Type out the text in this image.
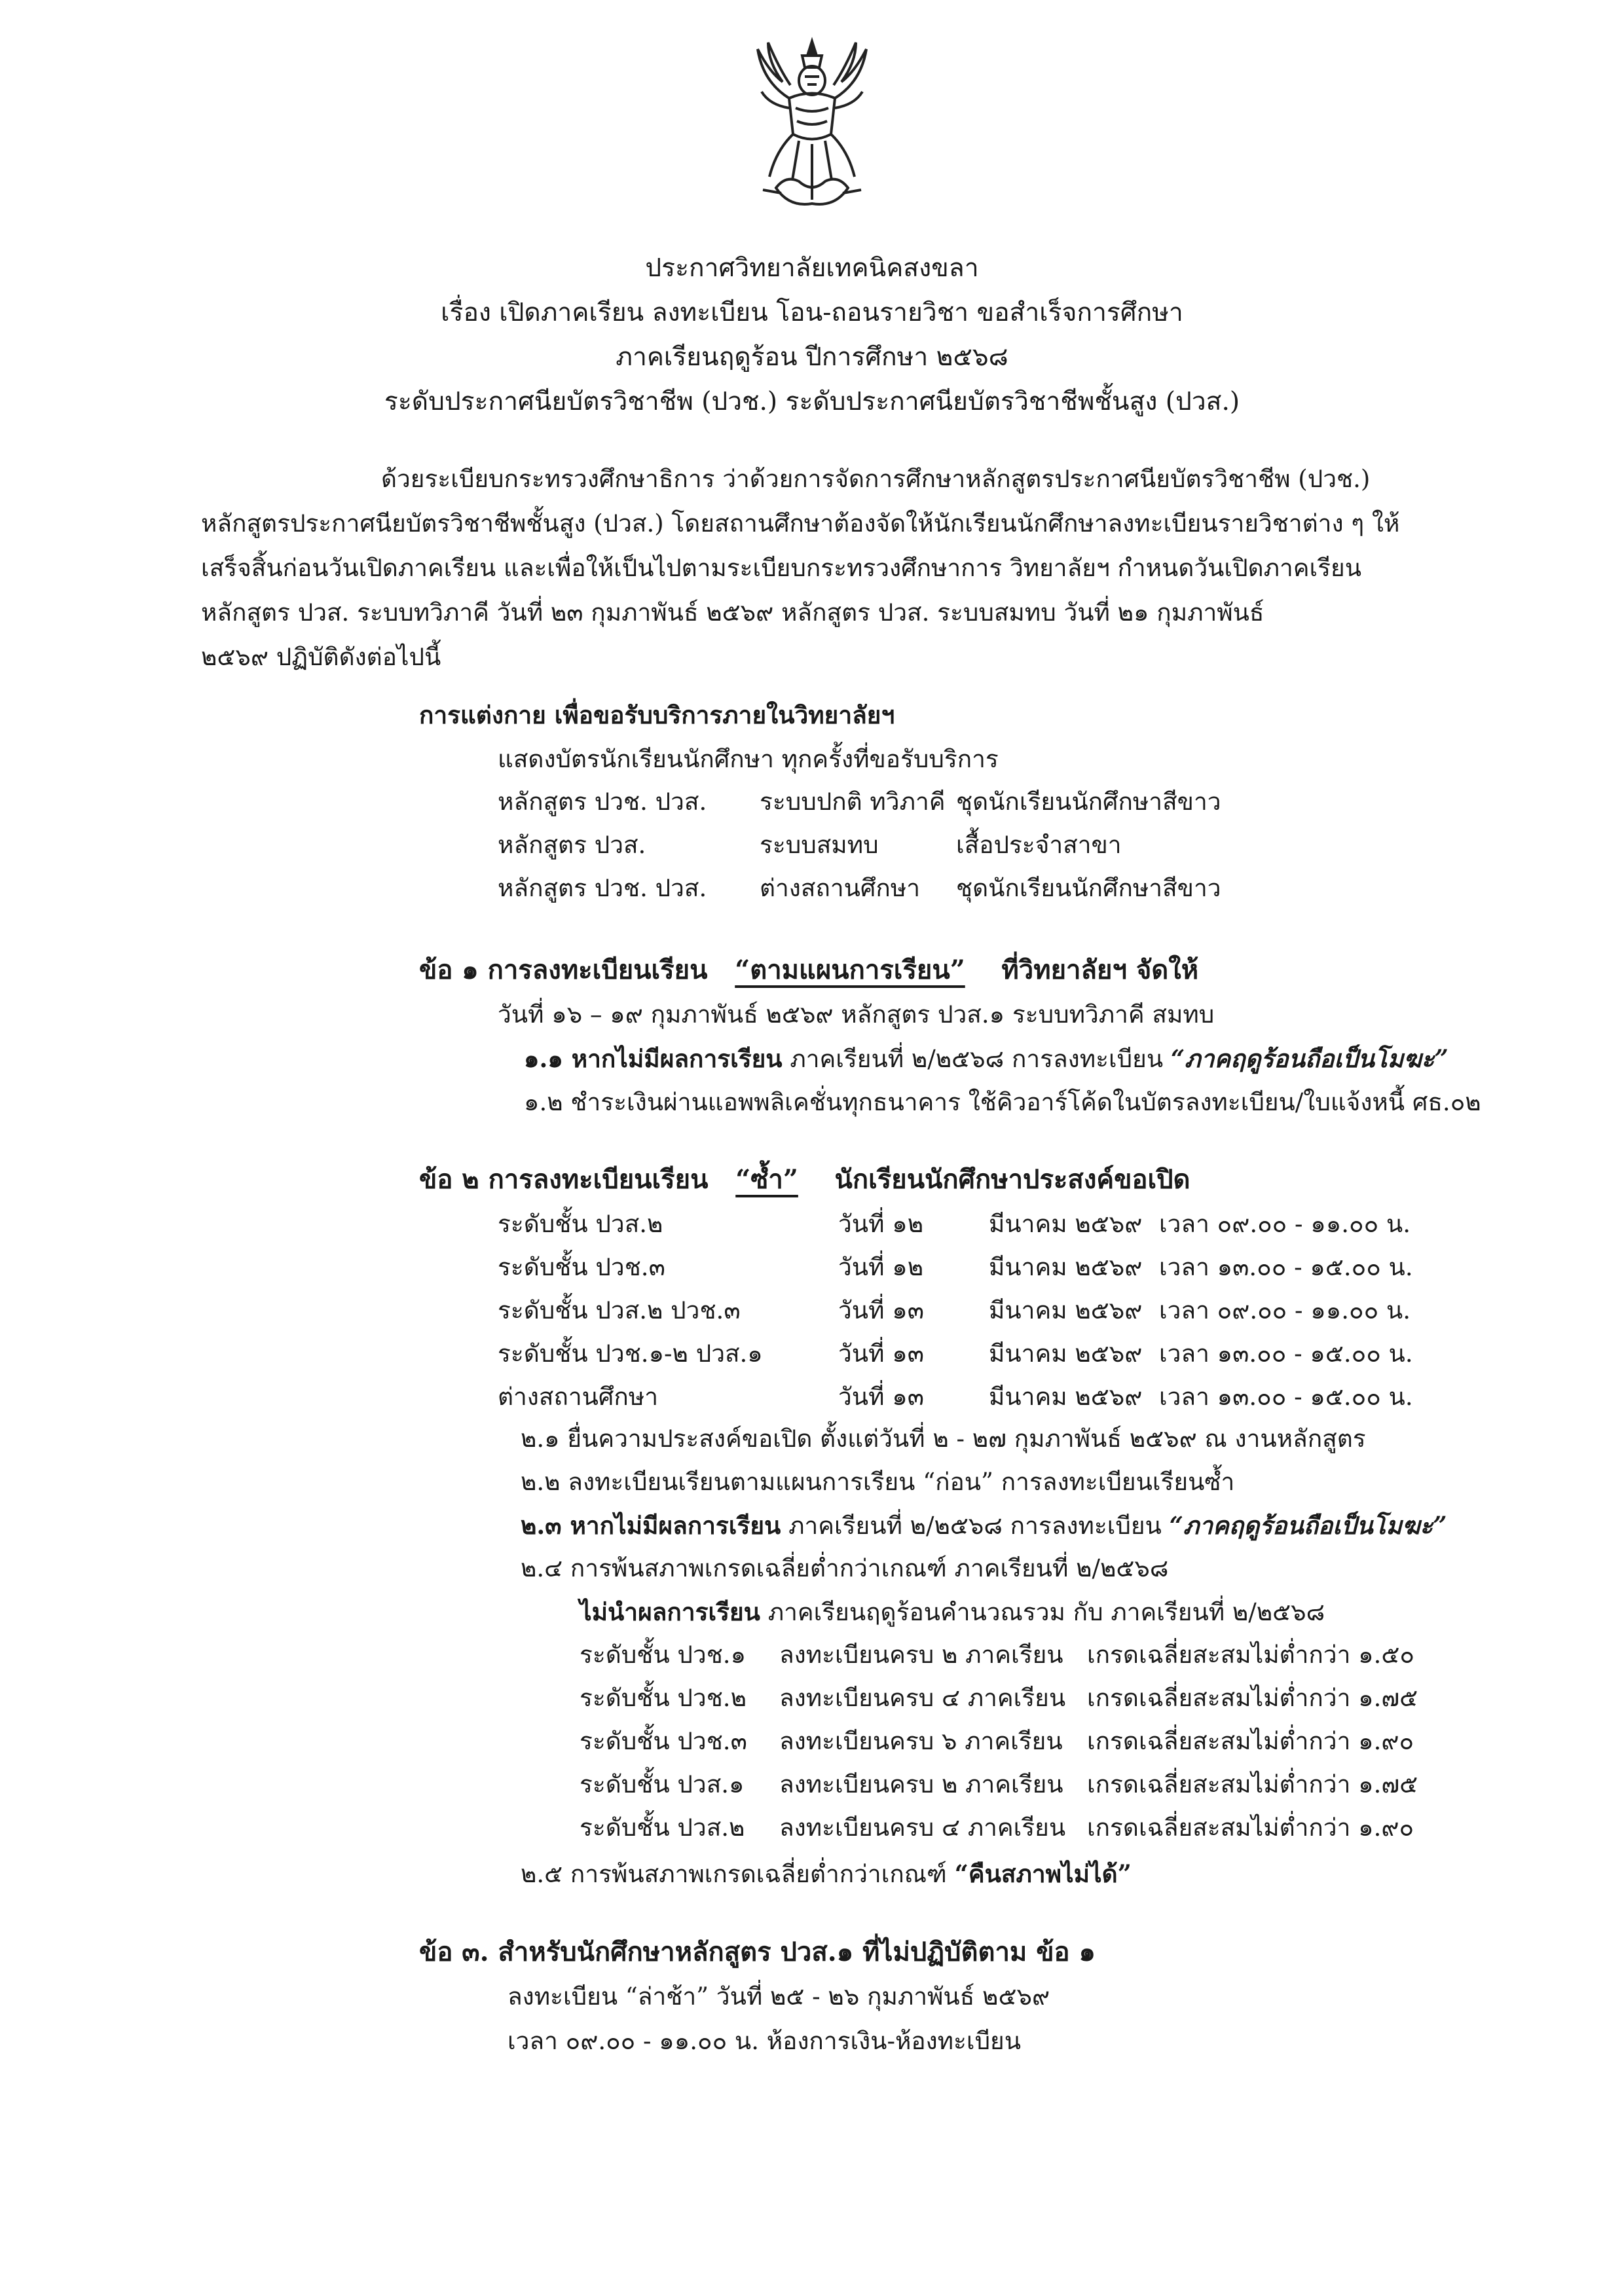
ประกาศวิทยาลัยเทคนิคสงขลา
เรื่อง เปิดภาคเรียน ลงทะเบียน โอน-ถอนรายวิชา ขอสำเร็จการศึกษา
ภาคเรียนฤดูร้อน ปีการศึกษา ๒๕๖๘
ระดับประกาศนียบัตรวิชาชีพ (ปวช.) ระดับประกาศนียบัตรวิชาชีพชั้นสูง (ปวส.)
ด้วยระเบียบกระทรวงศึกษาธิการ ว่าด้วยการจัดการศึกษาหลักสูตรประกาศนียบัตรวิชาชีพ (ปวช.)
หลักสูตรประกาศนียบัตรวิชาชีพชั้นสูง (ปวส.) โดยสถานศึกษาต้องจัดให้นักเรียนนักศึกษาลงทะเบียนรายวิชาต่าง ๆ ให้
เสร็จสิ้นก่อนวันเปิดภาคเรียน และเพื่อให้เป็นไปตามระเบียบกระทรวงศึกษาการ วิทยาลัยฯ กำหนดวันเปิดภาคเรียน
หลักสูตร ปวส. ระบบทวิภาคี วันที่ ๒๓ กุมภาพันธ์ ๒๕๖๙ หลักสูตร ปวส. ระบบสมทบ วันที่ ๒๑ กุมภาพันธ์
๒๕๖๙ ปฏิบัติดังต่อไปนี้
การแต่งกาย เพื่อขอรับบริการภายในวิทยาลัยฯ
แสดงบัตรนักเรียนนักศึกษา ทุกครั้งที่ขอรับบริการ
หลักสูตร ปวช. ปวส.	ระบบปกติ ทวิภาคี ชุดนักเรียนนักศึกษาสีขาว
หลักสูตร ปวส.	ระบบสมทบ	เสื้อประจำสาขา
หลักสูตร ปวช. ปวส.	ต่างสถานศึกษา	ชุดนักเรียนนักศึกษาสีขาว
ข้อ ๑ การลงทะเบียนเรียน “ตามแผนการเรียน” ที่วิทยาลัยฯ จัดให้
วันที่ ๑๖ – ๑๙ กุมภาพันธ์ ๒๕๖๙ หลักสูตร ปวส.๑ ระบบทวิภาคี สมทบ
๑.๑ หากไม่มีผลการเรียน ภาคเรียนที่ ๒/๒๕๖๘ การลงทะเบียน “ภาคฤดูร้อนถือเป็นโมฆะ”
๑.๒ ชำระเงินผ่านแอพพลิเคชั่นทุกธนาคาร ใช้คิวอาร์โค้ดในบัตรลงทะเบียน/ใบแจ้งหนี้ ศธ.๐๒
ข้อ ๒ การลงทะเบียนเรียน “ซ้ำ” นักเรียนนักศึกษาประสงค์ขอเปิด
ระดับชั้น ปวส.๒	วันที่ ๑๒	มีนาคม ๒๕๖๙ เวลา ๐๙.๐๐ - ๑๑.๐๐ น.
ระดับชั้น ปวช.๓	วันที่ ๑๒	มีนาคม ๒๕๖๙ เวลา ๑๓.๐๐ - ๑๕.๐๐ น.
ระดับชั้น ปวส.๒ ปวช.๓	วันที่ ๑๓	มีนาคม ๒๕๖๙ เวลา ๐๙.๐๐ - ๑๑.๐๐ น.
ระดับชั้น ปวช.๑-๒ ปวส.๑	วันที่ ๑๓	มีนาคม ๒๕๖๙ เวลา ๑๓.๐๐ - ๑๕.๐๐ น.
ต่างสถานศึกษา	วันที่ ๑๓	มีนาคม ๒๕๖๙ เวลา ๑๓.๐๐ - ๑๕.๐๐ น.
๒.๑ ยื่นความประสงค์ขอเปิด ตั้งแต่วันที่ ๒ - ๒๗ กุมภาพันธ์ ๒๕๖๙ ณ งานหลักสูตร
๒.๒ ลงทะเบียนเรียนตามแผนการเรียน “ก่อน” การลงทะเบียนเรียนซ้ำ
๒.๓ หากไม่มีผลการเรียน ภาคเรียนที่ ๒/๒๕๖๘ การลงทะเบียน “ภาคฤดูร้อนถือเป็นโมฆะ”
๒.๔ การพ้นสภาพเกรดเฉลี่ยต่ำกว่าเกณฑ์ ภาคเรียนที่ ๒/๒๕๖๘
ไม่นำผลการเรียน ภาคเรียนฤดูร้อนคำนวณรวม กับ ภาคเรียนที่ ๒/๒๕๖๘
ระดับชั้น ปวช.๑	ลงทะเบียนครบ ๒ ภาคเรียน เกรดเฉลี่ยสะสมไม่ต่ำกว่า ๑.๕๐
ระดับชั้น ปวช.๒	ลงทะเบียนครบ ๔ ภาคเรียน เกรดเฉลี่ยสะสมไม่ต่ำกว่า ๑.๗๕
ระดับชั้น ปวช.๓	ลงทะเบียนครบ ๖ ภาคเรียน	เกรดเฉลี่ยสะสมไม่ต่ำกว่า ๑.๙๐
ระดับชั้น ปวส.๑	ลงทะเบียนครบ ๒ ภาคเรียน เกรดเฉลี่ยสะสมไม่ต่ำกว่า ๑.๗๕
ระดับชั้น ปวส.๒	ลงทะเบียนครบ ๔ ภาคเรียน เกรดเฉลี่ยสะสมไม่ต่ำกว่า ๑.๙๐
๒.๕ การพ้นสภาพเกรดเฉลี่ยต่ำกว่าเกณฑ์ “คืนสภาพไม่ได้”
ข้อ ๓. สำหรับนักศึกษาหลักสูตร ปวส.๑ ที่ไม่ปฏิบัติตาม ข้อ ๑
ลงทะเบียน “ล่าช้า” วันที่ ๒๕ - ๒๖ กุมภาพันธ์ ๒๕๖๙
เวลา ๐๙.๐๐ - ๑๑.๐๐ น. ห้องการเงิน-ห้องทะเบียน
